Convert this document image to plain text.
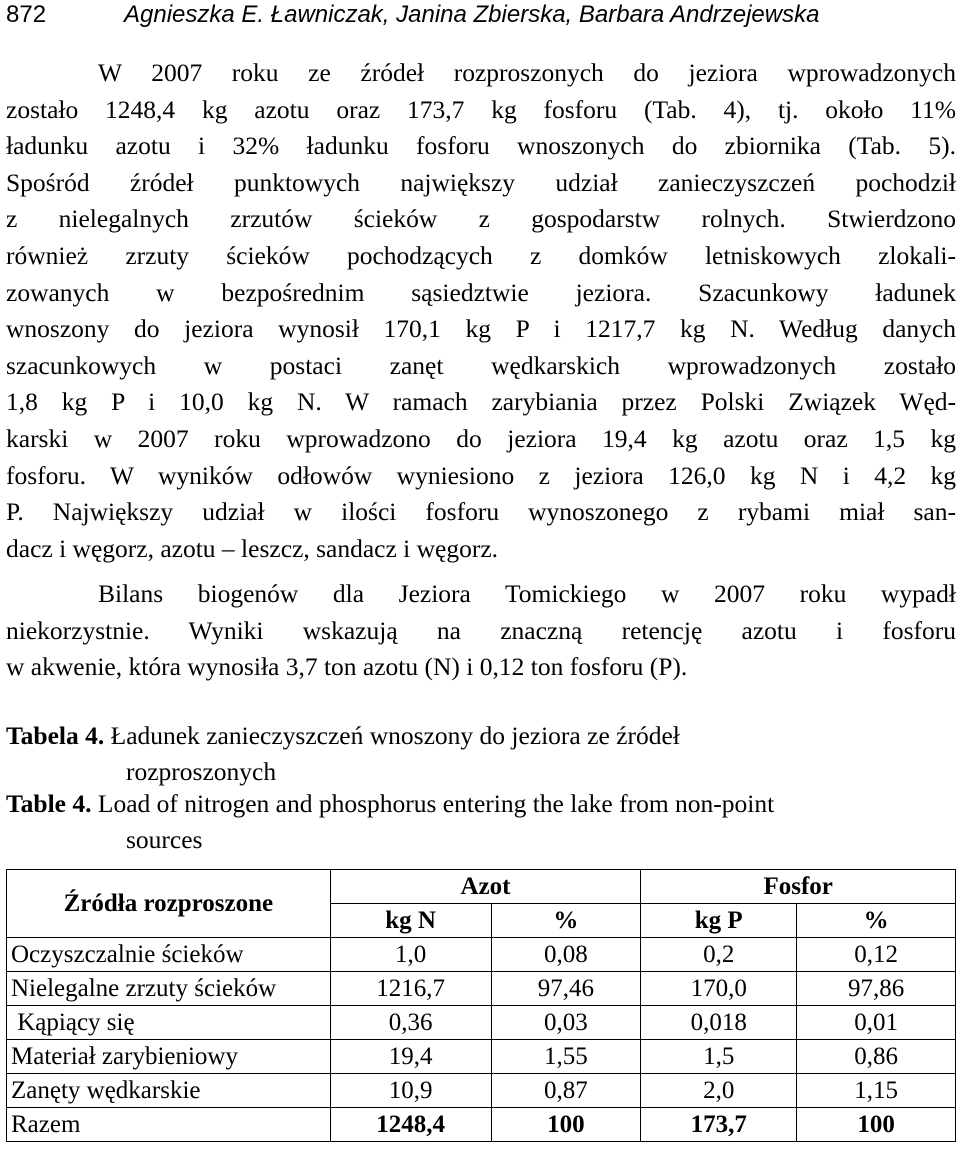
872	Agnieszka E. Ławniczak, Janina Zbierska, Barbara Andrzejewska
W 2007 roku ze źródeł rozproszonych do jeziora wprowadzonych
zostało 1248,4 kg azotu oraz 173,7 kg fosforu (Tab. 4), tj. około 11%
ładunku azotu i 32% ładunku fosforu wnoszonych do zbiornika (Tab. 5).
Spośród źródeł punktowych największy udział zanieczyszczeń pochodził
z nielegalnych zrzutów ścieków z gospodarstw rolnych. Stwierdzono
również zrzuty ścieków pochodzących z domków letniskowych zlokali-
zowanych w bezpośrednim sąsiedztwie jeziora. Szacunkowy ładunek
wnoszony do jeziora wynosił 170,1 kg P i 1217,7 kg N. Według danych
szacunkowych w postaci zanęt wędkarskich wprowadzonych zostało
1,8 kg P i 10,0 kg N. W ramach zarybiania przez Polski Związek Węd-
karski w 2007 roku wprowadzono do jeziora 19,4 kg azotu oraz 1,5 kg
fosforu. W wyników odłowów wyniesiono z jeziora 126,0 kg N i 4,2 kg
P. Największy udział w ilości fosforu wynoszonego z rybami miał san-
dacz i węgorz, azotu – leszcz, sandacz i węgorz.
Bilans biogenów dla Jeziora Tomickiego w 2007 roku wypadł
niekorzystnie. Wyniki wskazują na znaczną retencję azotu i fosforu
w akwenie, która wynosiła 3,7 ton azotu (N) i 0,12 ton fosforu (P).
Tabela 4. Ładunek zanieczyszczeń wnoszony do jeziora ze źródeł
rozproszonych
Table 4. Load of nitrogen and phosphorus entering the lake from non-point
sources
Źródła rozproszone	Azot		Fosfor	
	kg N	%	kg P	%
Oczyszczalnie ścieków	1,0	0,08	0,2	0,12
Nielegalne zrzuty ścieków	1216,7	97,46	170,0	97,86
Kąpiący się	0,36	0,03	0,018	0,01
Materiał zarybieniowy	19,4	1,55	1,5	0,86
Zanęty wędkarskie	10,9	0,87	2,0	1,15
Razem	1248,4	100	173,7	100
